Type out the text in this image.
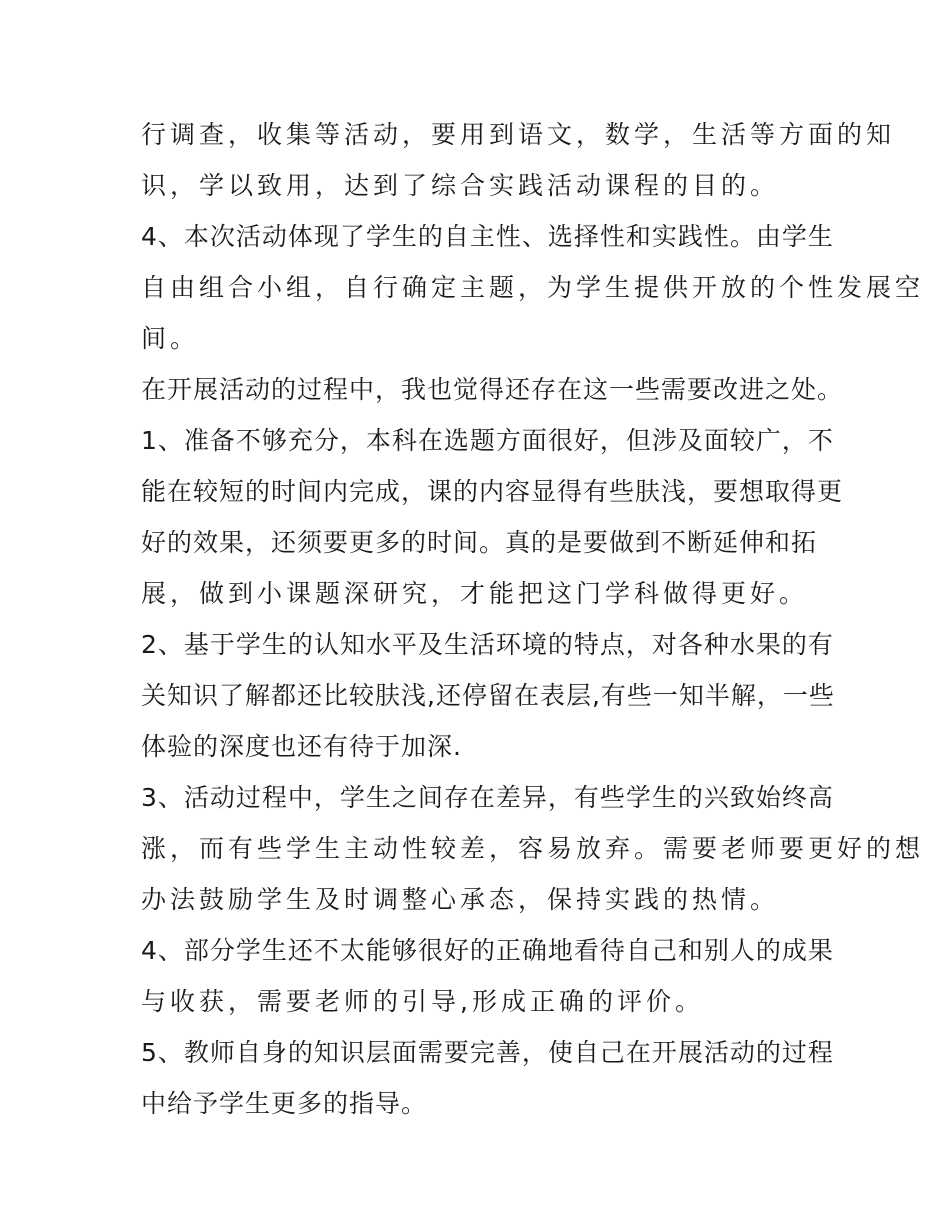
行调查，收集等活动，要用到语文，数学，生活等方面的知
识，学以致用，达到了综合实践活动课程的目的。
4、本次活动体现了学生的自主性、选择性和实践性。由学生
自由组合小组，自行确定主题，为学生提供开放的个性发展空
间。
在开展活动的过程中，我也觉得还存在这一些需要改进之处。
1、准备不够充分，本科在选题方面很好，但涉及面较广，不
能在较短的时间内完成，课的内容显得有些肤浅，要想取得更
好的效果，还须要更多的时间。真的是要做到不断延伸和拓
展，做到小课题深研究，才能把这门学科做得更好。
2、基于学生的认知水平及生活环境的特点，对各种水果的有
关知识了解都还比较肤浅,还停留在表层,有些一知半解，一些
体验的深度也还有待于加深.
3、活动过程中，学生之间存在差异，有些学生的兴致始终高
涨，而有些学生主动性较差，容易放弃。需要老师要更好的想
办法鼓励学生及时调整心承态，保持实践的热情。
4、部分学生还不太能够很好的正确地看待自己和别人的成果
与收获，需要老师的引导,形成正确的评价。
5、教师自身的知识层面需要完善，使自己在开展活动的过程
中给予学生更多的指导。
